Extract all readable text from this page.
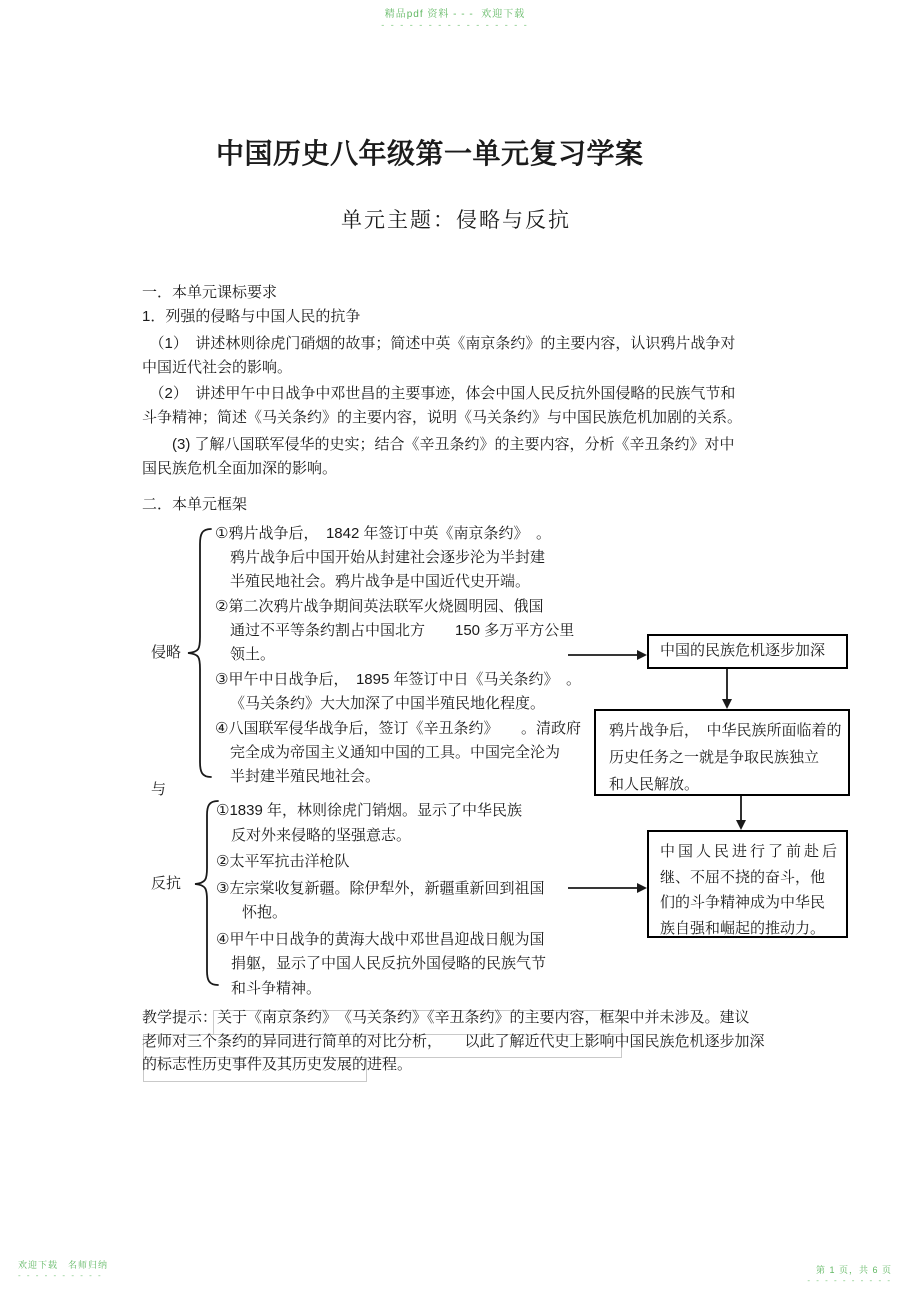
精品pdf 资料 - - -  欢迎下载
- - - - - - - - - - - - - - - -
中国历史八年级第一单元复习学案
单元主题：侵略与反抗
一．本单元课标要求
1．列强的侵略与中国人民的抗争
　（1）　讲述林则徐虎门硝烟的故事；简述中英《南京条约》的主要内容，认识鸦片战争对
中国近代社会的影响。
　（2）　讲述甲午中日战争中邓世昌的主要事迹，体会中国人民反抗外国侵略的民族气节和
斗争精神；简述《马关条约》的主要内容，说明《马关条约》与中国民族危机加剧的关系。
　　(3) 了解八国联军侵华的史实；结合《辛丑条约》的主要内容，分析《辛丑条约》对中
国民族危机全面加深的影响。
二．本单元框架
侵略
与
反抗
①鸦片战争后，　1842 年签订中英《南京条约》　。
鸦片战争后中国开始从封建社会逐步沦为半封建
半殖民地社会。鸦片战争是中国近代史开端。
②第二次鸦片战争期间英法联军火烧圆明园、俄国
通过不平等条约割占中国北方　　150 多万平方公里
领土。
③甲午中日战争后，　1895 年签订中日《马关条约》　。
《马关条约》大大加深了中国半殖民地化程度。
④八国联军侵华战争后，签订《辛丑条约》　　。清政府
完全成为帝国主义通知中国的工具。中国完全沦为
半封建半殖民地社会。
①1839 年，林则徐虎门销烟。显示了中华民族
反对外来侵略的坚强意志。
②太平军抗击洋枪队
③左宗棠收复新疆。除伊犁外，新疆重新回到祖国
怀抱。
④甲午中日战争的黄海大战中邓世昌迎战日舰为国
捐躯，显示了中国人民反抗外国侵略的民族气节
和斗争精神。
中国的民族危机逐步加深
鸦片战争后，　中华民族所面临着的
历史任务之一就是争取民族独立
和人民解放。
中国人民进行了前赴后
继、不屈不挠的奋斗，他
们的斗争精神成为中华民
族自强和崛起的推动力。
教学提示：关于《南京条约》　《马关条约》《辛丑条约》的主要内容，框架中并未涉及。建议
老师对三个条约的异同进行简单的对比分析，　　以此了解近代史上影响中国民族危机逐步加深
的标志性历史事件及其历史发展的进程。
欢迎下载　名师归纳
- - - - - - - - - -
第 1 页，共 6 页
- - - - - - - - - -
